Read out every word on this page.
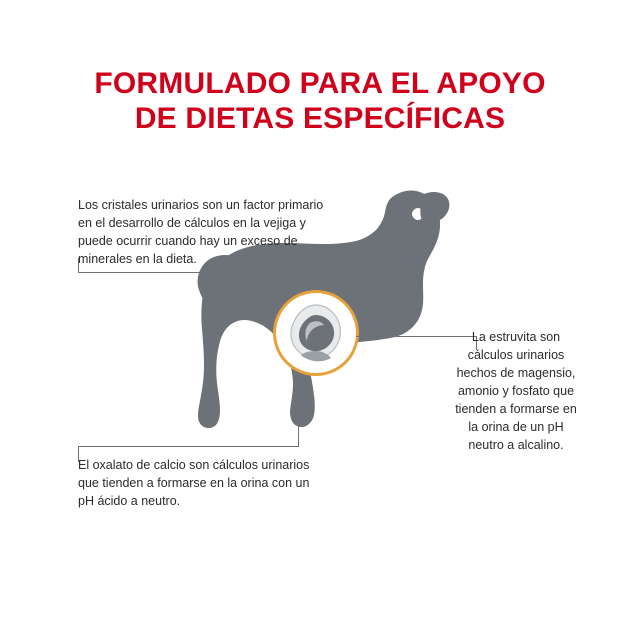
FORMULADO PARA EL APOYO
DE DIETAS ESPECÍFICAS

Los cristales urinarios son un factor primario en el desarrollo de cálculos en la vejiga y puede ocurrir cuando hay un exceso de minerales en la dieta.

El oxalato de calcio son cálculos urinarios que tienden a formarse en la orina con un pH ácido a neutro.

La estruvita son cálculos urinarios hechos de magensio, amonio y fosfato que tienden a formarse en la orina de un pH neutro a alcalino.
